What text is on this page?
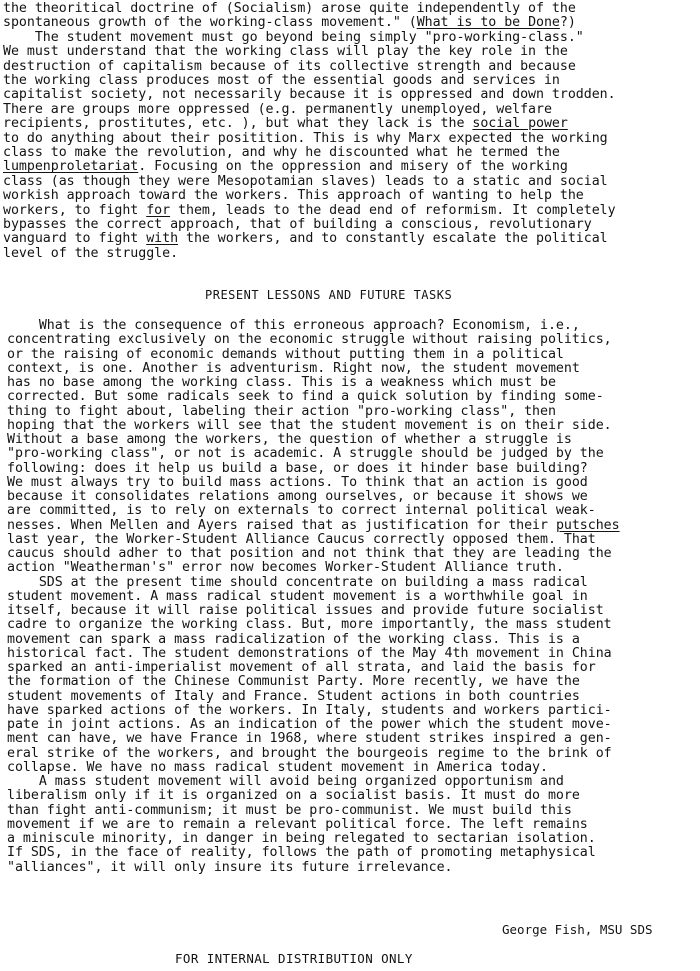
the theoritical doctrine of (Socialism) arose quite independently of the
spontaneous growth of the working-class movement." (What is to be Done?)
The student movement must go beyond being simply "pro-working-class."
We must understand that the working class will play the key role in the
destruction of capitalism because of its collective strength and because
the working class produces most of the essential goods and services in
capitalist society, not necessarily because it is oppressed and down trodden.
There are groups more oppressed (e.g. permanently unemployed, welfare
recipients, prostitutes, etc. ), but what they lack is the social power
to do anything about their positition. This is why Marx expected the working
class to make the revolution, and why he discounted what he termed the
lumpenproletariat. Focusing on the oppression and misery of the working
class (as though they were Mesopotamian slaves) leads to a static and social
workish approach toward the workers. This approach of wanting to help the
workers, to fight for them, leads to the dead end of reformism. It completely
bypasses the correct approach, that of building a conscious, revolutionary
vanguard to fight with the workers, and to constantly escalate the political
level of the struggle.
PRESENT LESSONS AND FUTURE TASKS
What is the consequence of this erroneous approach? Economism, i.e.,
concentrating exclusively on the economic struggle without raising politics,
or the raising of economic demands without putting them in a political
context, is one. Another is adventurism. Right now, the student movement
has no base among the working class. This is a weakness which must be
corrected. But some radicals seek to find a quick solution by finding some-
thing to fight about, labeling their action "pro-working class", then
hoping that the workers will see that the student movement is on their side.
Without a base among the workers, the question of whether a struggle is
"pro-working class", or not is academic. A struggle should be judged by the
following: does it help us build a base, or does it hinder base building?
We must always try to build mass actions. To think that an action is good
because it consolidates relations among ourselves, or because it shows we
are committed, is to rely on externals to correct internal political weak-
nesses. When Mellen and Ayers raised that as justification for their putsches
last year, the Worker-Student Alliance Caucus correctly opposed them. That
caucus should adher to that position and not think that they are leading the
action "Weatherman's" error now becomes Worker-Student Alliance truth.
SDS at the present time should concentrate on building a mass radical
student movement. A mass radical student movement is a worthwhile goal in
itself, because it will raise political issues and provide future socialist
cadre to organize the working class. But, more importantly, the mass student
movement can spark a mass radicalization of the working class. This is a
historical fact. The student demonstrations of the May 4th movement in China
sparked an anti-imperialist movement of all strata, and laid the basis for
the formation of the Chinese Communist Party. More recently, we have the
student movements of Italy and France. Student actions in both countries
have sparked actions of the workers. In Italy, students and workers partici-
pate in joint actions. As an indication of the power which the student move-
ment can have, we have France in 1968, where student strikes inspired a gen-
eral strike of the workers, and brought the bourgeois regime to the brink of
collapse. We have no mass radical student movement in America today.
A mass student movement will avoid being organized opportunism and
liberalism only if it is organized on a socialist basis. It must do more
than fight anti-communism; it must be pro-communist. We must build this
movement if we are to remain a relevant political force. The left remains
a miniscule minority, in danger in being relegated to sectarian isolation.
If SDS, in the face of reality, follows the path of promoting metaphysical
"alliances", it will only insure its future irrelevance.
George Fish, MSU SDS
FOR INTERNAL DISTRIBUTION ONLY
